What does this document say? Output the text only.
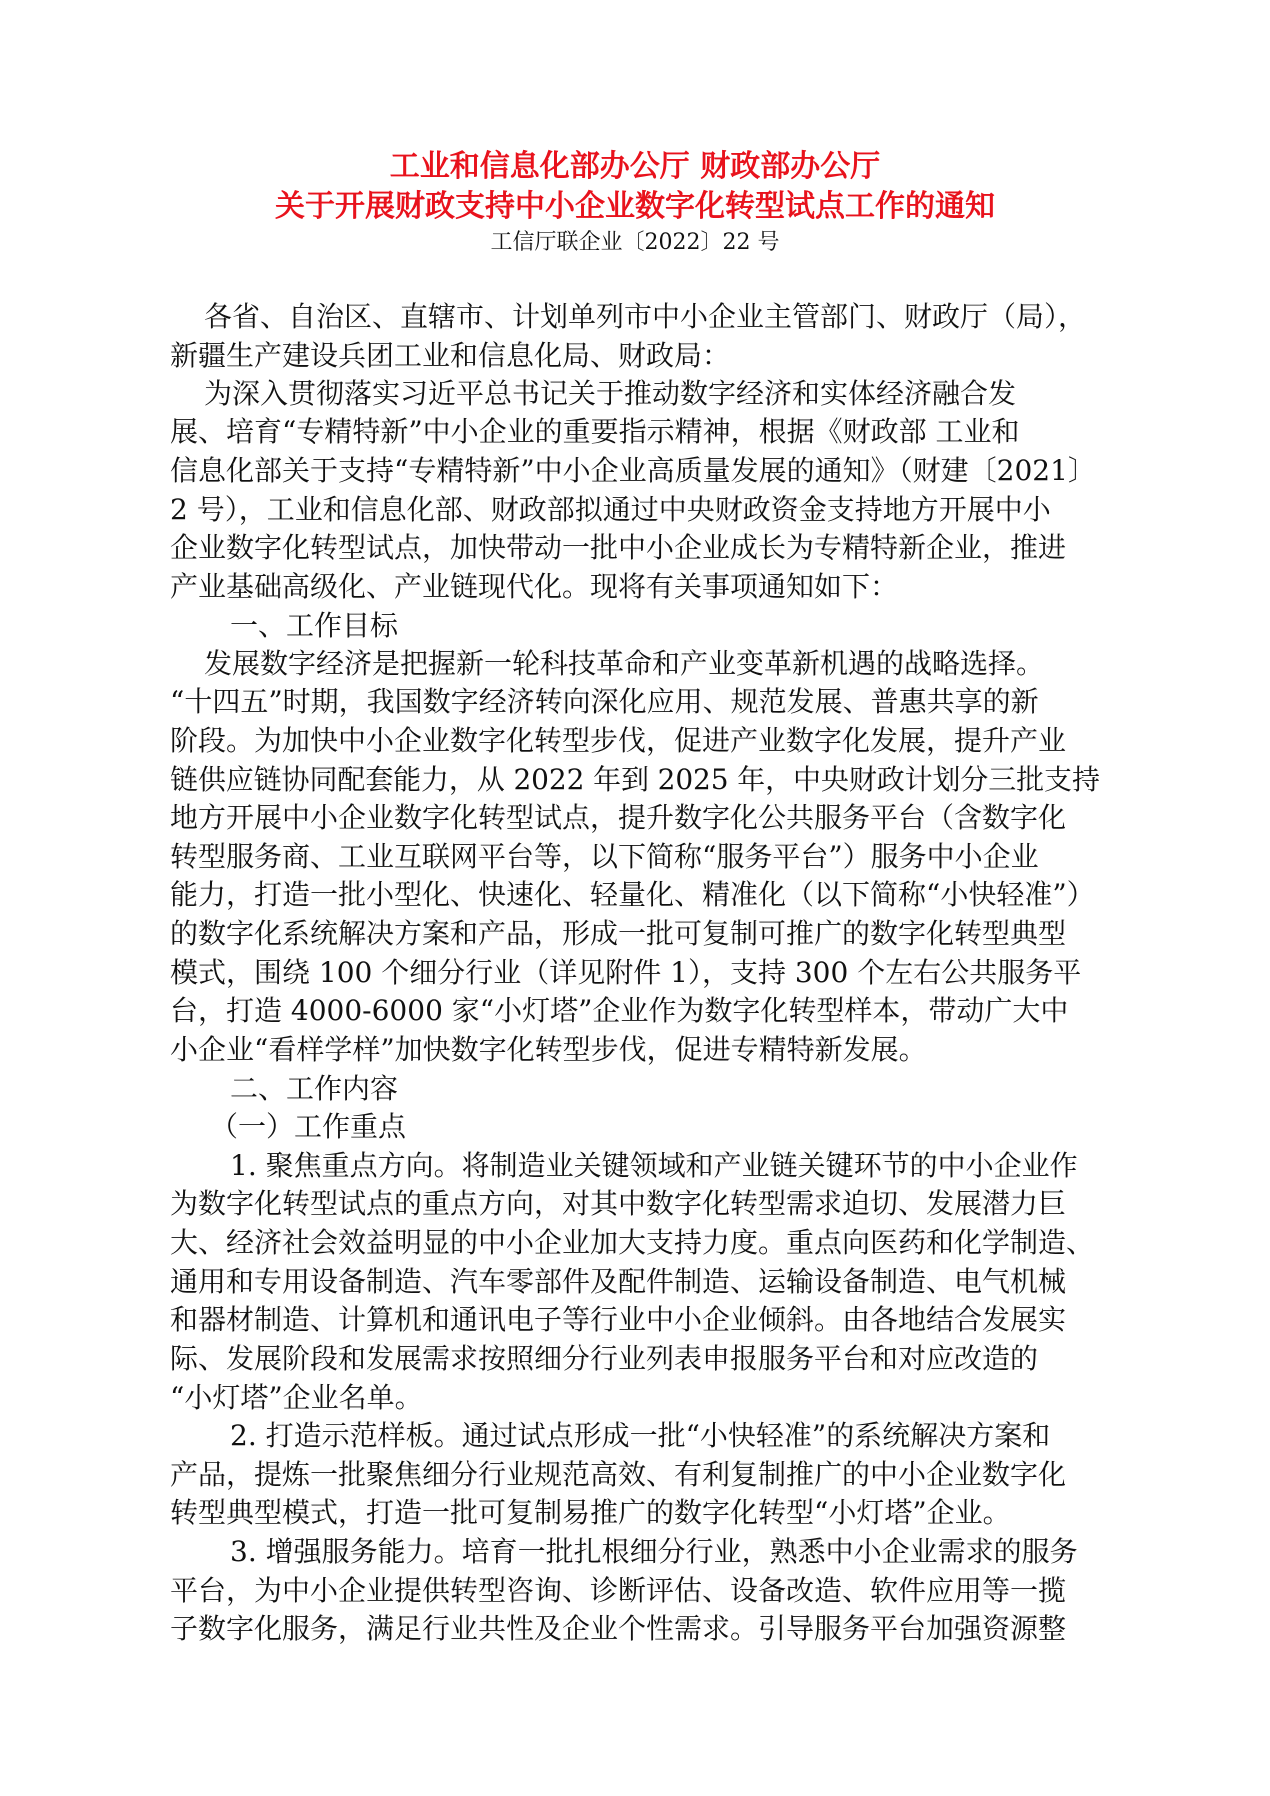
工业和信息化部办公厅 财政部办公厅
关于开展财政支持中小企业数字化转型试点工作的通知
工信厅联企业〔2022〕22 号
各省、自治区、直辖市、计划单列市中小企业主管部门、财政厅（局），
新疆生产建设兵团工业和信息化局、财政局：
为深入贯彻落实习近平总书记关于推动数字经济和实体经济融合发
展、培育“专精特新”中小企业的重要指示精神，根据《财政部 工业和
信息化部关于支持“专精特新”中小企业高质量发展的通知》（财建〔2021〕
2 号），工业和信息化部、财政部拟通过中央财政资金支持地方开展中小
企业数字化转型试点，加快带动一批中小企业成长为专精特新企业，推进
产业基础高级化、产业链现代化。现将有关事项通知如下：
一、工作目标
发展数字经济是把握新一轮科技革命和产业变革新机遇的战略选择。
“十四五”时期，我国数字经济转向深化应用、规范发展、普惠共享的新
阶段。为加快中小企业数字化转型步伐，促进产业数字化发展，提升产业
链供应链协同配套能力，从 2022 年到 2025 年，中央财政计划分三批支持
地方开展中小企业数字化转型试点，提升数字化公共服务平台（含数字化
转型服务商、工业互联网平台等，以下简称“服务平台”）服务中小企业
能力，打造一批小型化、快速化、轻量化、精准化（以下简称“小快轻准”）
的数字化系统解决方案和产品，形成一批可复制可推广的数字化转型典型
模式，围绕 100 个细分行业（详见附件 1），支持 300 个左右公共服务平
台，打造 4000-6000 家“小灯塔”企业作为数字化转型样本，带动广大中
小企业“看样学样”加快数字化转型步伐，促进专精特新发展。
二、工作内容
（一）工作重点
1. 聚焦重点方向。将制造业关键领域和产业链关键环节的中小企业作
为数字化转型试点的重点方向，对其中数字化转型需求迫切、发展潜力巨
大、经济社会效益明显的中小企业加大支持力度。重点向医药和化学制造、
通用和专用设备制造、汽车零部件及配件制造、运输设备制造、电气机械
和器材制造、计算机和通讯电子等行业中小企业倾斜。由各地结合发展实
际、发展阶段和发展需求按照细分行业列表申报服务平台和对应改造的
“小灯塔”企业名单。
2. 打造示范样板。通过试点形成一批“小快轻准”的系统解决方案和
产品，提炼一批聚焦细分行业规范高效、有利复制推广的中小企业数字化
转型典型模式，打造一批可复制易推广的数字化转型“小灯塔”企业。
3. 增强服务能力。培育一批扎根细分行业，熟悉中小企业需求的服务
平台，为中小企业提供转型咨询、诊断评估、设备改造、软件应用等一揽
子数字化服务，满足行业共性及企业个性需求。引导服务平台加强资源整
